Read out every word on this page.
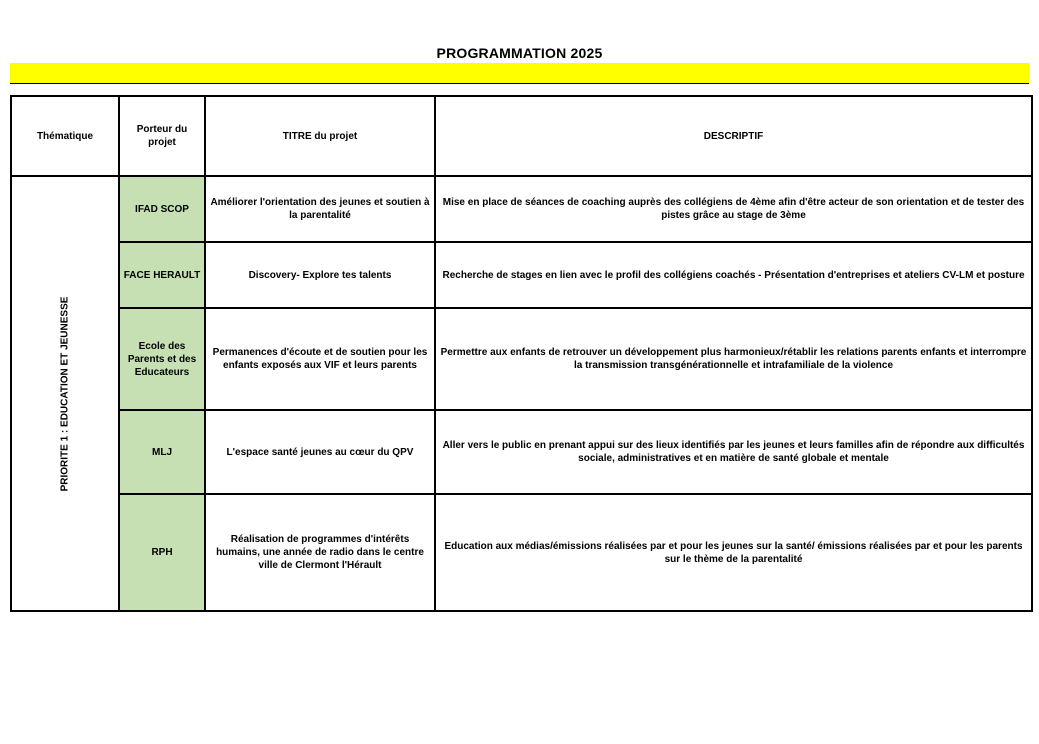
PROGRAMMATION 2025
Thématique	Porteur du projet	TITRE du projet	DESCRIPTIF

PRIORITE 1 : EDUCATION ET JEUNESSE	IFAD SCOP	Améliorer l'orientation des jeunes et soutien à la parentalité	Mise en place de séances de coaching auprès des collégiens de 4ème afin d'être acteur de son orientation et de tester des pistes grâce au stage de 3ème
	FACE HERAULT	Discovery- Explore tes talents	Recherche de stages en lien avec le profil des collégiens coachés - Présentation d'entreprises et ateliers CV-LM et posture
	Ecole des Parents et des Educateurs	Permanences d'écoute et de soutien pour les enfants exposés aux VIF et leurs parents	Permettre aux enfants de retrouver un développement plus harmonieux/rétablir les relations parents enfants et interrompre la transmission transgénérationnelle et intrafamiliale de la violence
	MLJ	L'espace santé jeunes au cœur du QPV	Aller vers le public en prenant appui sur des lieux identifiés par les jeunes et leurs familles afin de répondre aux difficultés sociale, administratives et en matière de santé globale et mentale
	RPH	Réalisation de programmes d'intérêts humains, une année de radio dans le centre ville de Clermont l'Hérault	Education aux médias/émissions réalisées par et pour les jeunes sur la santé/ émissions réalisées par et pour les parents sur le thème de la parentalité
